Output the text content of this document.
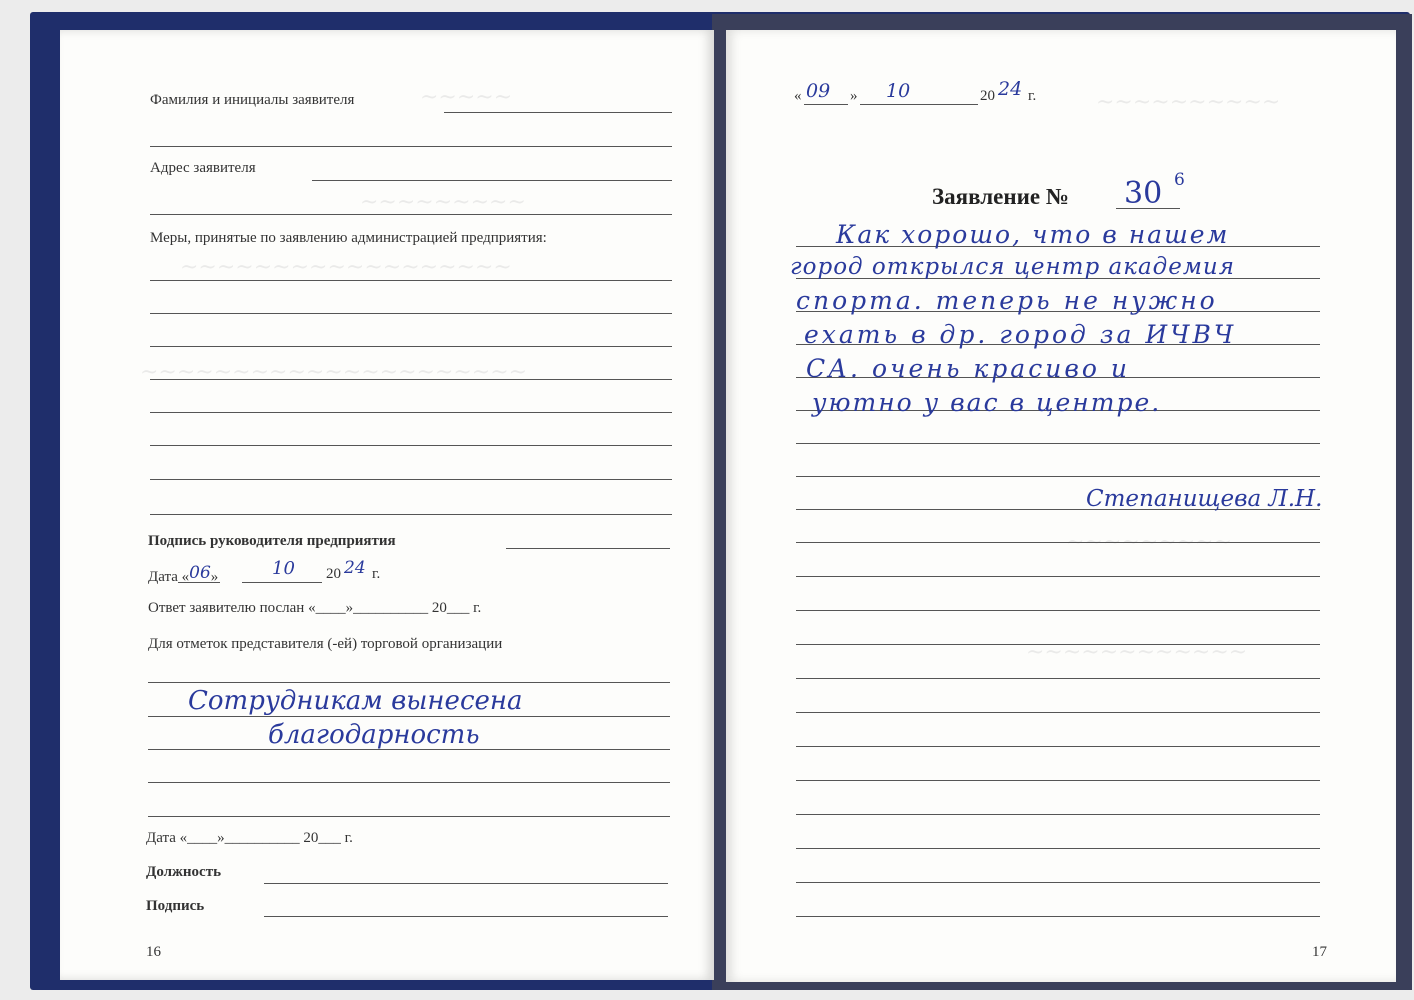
~~~~~
~~~~~~~~~
~~~~~~~~~~~~~~~~~~
~~~~~~~~~~~~~~~~~~~~~
Фамилия и инициалы заявителя
Адрес заявителя
Меры, принятые по заявлению администрацией предприятия:
Подпись руководителя предприятия
Дата «06»	10 20 24 г.
Ответ заявителю послан «____»__________ 20___ г.
Для отметок представителя (-ей) торговой организации
Сотрудникам вынесена
благодарность
Дата «____»__________ 20___ г.
Должность
Подпись
16
~~~~~~~~~~
~~~~~~~~~
~~~~~~~~~~~~
« 09 » 10	20 24 г.
Заявление № 30 6
Как хорошо, что в нашем
город открылся центр академия
спорта. теперь не нужно
ехать в др. город за ИЧВЧ
СА. очень красиво и
уютно у вас в центре.
Степанищева Л.Н.
17
